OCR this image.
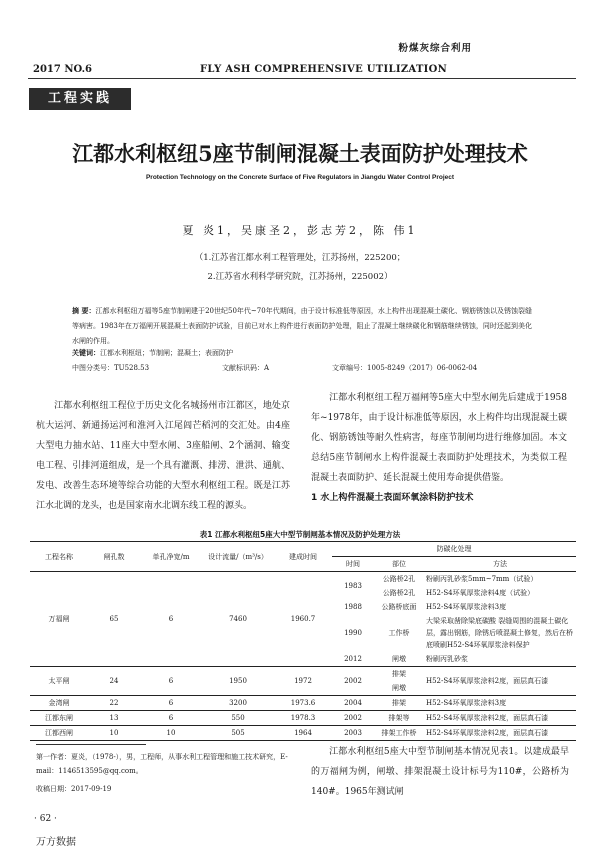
粉煤灰综合利用
2017 NO.6	FLY ASH COMPREHENSIVE UTILIZATION
工程实践
江都水利枢纽5座节制闸混凝土表面防护处理技术
Protection Technology on the Concrete Surface of Five Regulators in Jiangdu Water Control Project
夏 炎1，吴康圣2，彭志芳2，陈 伟1
（1.江苏省江都水利工程管理处，江苏扬州，225200；
2.江苏省水利科学研究院，江苏扬州，225002）
摘 要：江都水利枢纽万福等5座节制闸建于20世纪50年代~70年代期间，由于设计标准低等原因，水上构件出现混凝土碳化、钢筋锈蚀以及锈蚀裂缝等病害。1983年在万福闸开展混凝土表面防护试验，目前已对水上构件进行表面防护处理，阻止了混凝土继续碳化和钢筋继续锈蚀，同时还起到美化水闸的作用。
关键词：江都水利枢纽；节制闸；混凝土；表面防护
中图分类号：TU528.53	文献标识码：A	文章编号：1005-8249（2017）06-0062-04
江都水利枢纽工程位于历史文化名城扬州市江都区，地处京杭大运河、新通扬运河和淮河入江尾闾芒稻河的交汇处。由4座大型电力抽水站、11座大中型水闸、3座船闸、2个涵洞、输变电工程、引排河道组成，是一个具有灌溉、排涝、泄洪、通航、发电、改善生态环境等综合功能的大型水利枢纽工程。既是江苏江水北调的龙头，也是国家南水北调东线工程的源头。
江都水利枢纽工程万福闸等5座大中型水闸先后建成于1958年~1978年，由于设计标准低等原因，水上构件均出现混凝土碳化、钢筋锈蚀等耐久性病害，每座节制闸均进行维修加固。本文总结5座节制闸水上构件混凝土表面防护处理技术，为类似工程混凝土表面防护、延长混凝土使用寿命提供借鉴。
1 水上构件混凝土表面环氧涂料防护技术
表1 江都水利枢纽5座大中型节制闸基本情况及防护处理方法
工程名称	闸孔数	单孔净宽/m	设计流量/（m³/s）	建成时间	防碳化处理		
					时间	部位	方法
万福闸	65	6	7460	1960.7	1983	公路桥2孔	粉刷丙乳砂浆5mm~7mm（试验）
						公路桥2孔	H52-S4环氧厚浆涂料4度（试验）
					1988	公路桥底面	H52-S4环氧厚浆涂料3度
					1990	工作桥	大梁采取凿除梁底碳酸 裂缝周围的混凝土碳化层，露出钢筋，除锈后喷混凝土修复，然后在桥底喷刷H52-S4环氧厚浆涂料保护
					2012	闸墩	粉刷丙乳砂浆

太平闸	24	6	1950	1972	2002	排架	H52-S4环氧厚浆涂料2度，面层真石漆
						闸墩	
金湾闸	22	6	3200	1973.6	2004	排架	H52-S4环氧厚浆涂料3度
江都东闸	13	6	550	1978.3	2002	排架等	H52-S4环氧厚浆涂料2度，面层真石漆
江都西闸	10	10	505	1964	2003	排架工作桥	H52-S4环氧厚浆涂料2度，面层真石漆
第一作者：夏炎，（1978-），男，工程师，从事水利工程管理和施工技术研究，E-mail：1146513595@qq.com。
收稿日期：2017-09-19
· 62 ·
万方数据
江都水利枢纽5座大中型节制闸基本情况见表1。以建成最早的万福闸为例，闸墩、排架混凝土设计标号为110#，公路桥为140#。1965年测试闸
